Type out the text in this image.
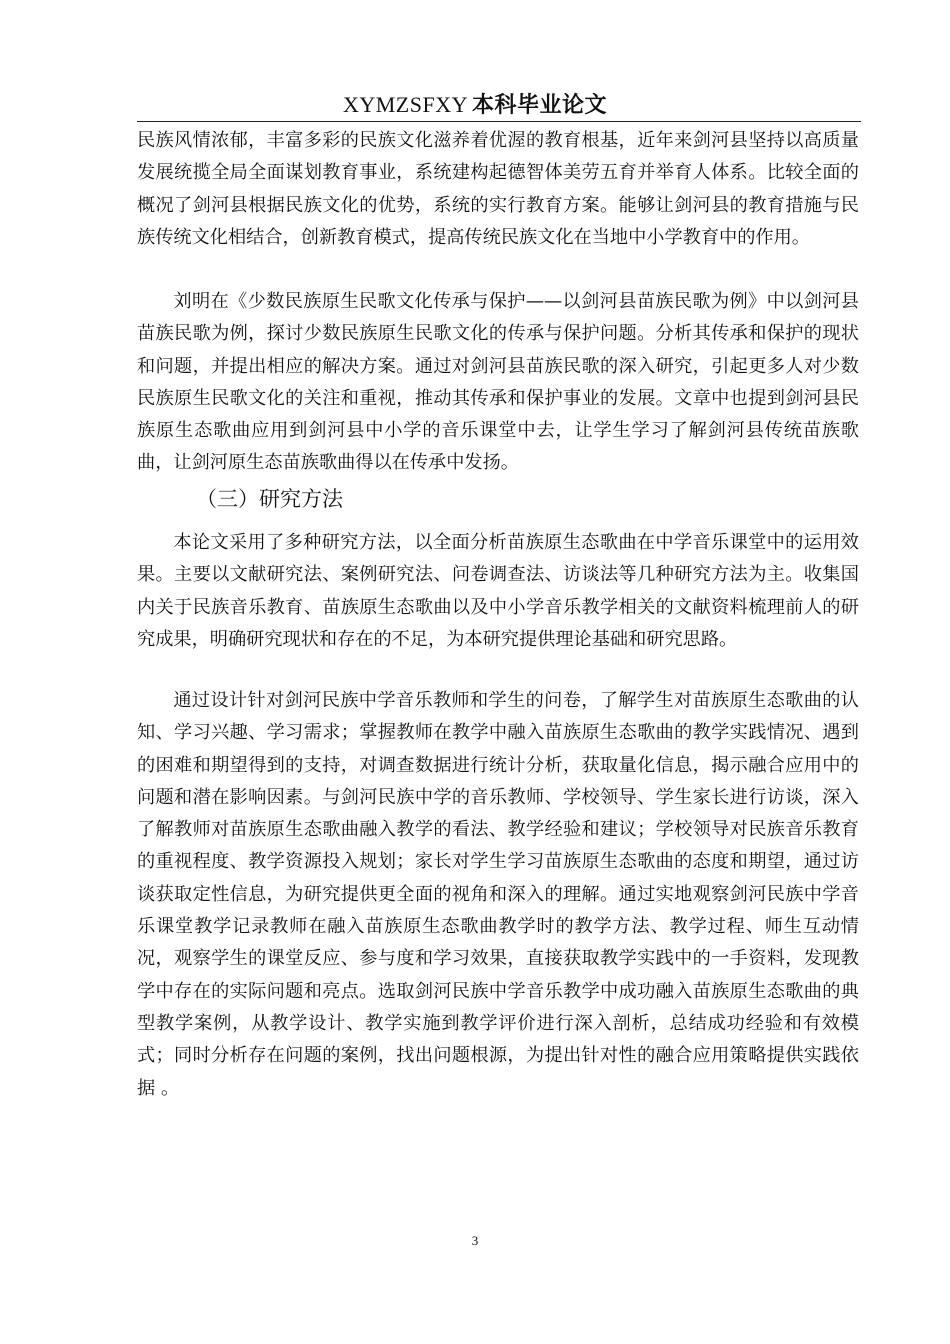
XYMZSFXY 本科毕业论文

民族风情浓郁，丰富多彩的民族文化滋养着优渥的教育根基，近年来剑河县坚持以高质量发展统揽全局全面谋划教育事业，系统建构起德智体美劳五育并举育人体系。比较全面的概况了剑河县根据民族文化的优势，系统的实行教育方案。能够让剑河县的教育措施与民族传统文化相结合，创新教育模式，提高传统民族文化在当地中小学教育中的作用。

刘明在《少数民族原生民歌文化传承与保护——以剑河县苗族民歌为例》中以剑河县苗族民歌为例，探讨少数民族原生民歌文化的传承与保护问题。分析其传承和保护的现状和问题，并提出相应的解决方案。通过对剑河县苗族民歌的深入研究，引起更多人对少数民族原生民歌文化的关注和重视，推动其传承和保护事业的发展。文章中也提到剑河县民族原生态歌曲应用到剑河县中小学的音乐课堂中去，让学生学习了解剑河县传统苗族歌曲，让剑河原生态苗族歌曲得以在传承中发扬。

（三）研究方法

本论文采用了多种研究方法，以全面分析苗族原生态歌曲在中学音乐课堂中的运用效果。主要以文献研究法、案例研究法、问卷调查法、访谈法等几种研究方法为主。收集国内关于民族音乐教育、苗族原生态歌曲以及中小学音乐教学相关的文献资料梳理前人的研究成果，明确研究现状和存在的不足，为本研究提供理论基础和研究思路。

通过设计针对剑河民族中学音乐教师和学生的问卷，了解学生对苗族原生态歌曲的认知、学习兴趣、学习需求；掌握教师在教学中融入苗族原生态歌曲的教学实践情况、遇到的困难和期望得到的支持，对调查数据进行统计分析，获取量化信息，揭示融合应用中的问题和潜在影响因素。与剑河民族中学的音乐教师、学校领导、学生家长进行访谈，深入了解教师对苗族原生态歌曲融入教学的看法、教学经验和建议；学校领导对民族音乐教育的重视程度、教学资源投入规划；家长对学生学习苗族原生态歌曲的态度和期望，通过访谈获取定性信息，为研究提供更全面的视角和深入的理解。通过实地观察剑河民族中学音乐课堂教学记录教师在融入苗族原生态歌曲教学时的教学方法、教学过程、师生互动情况，观察学生的课堂反应、参与度和学习效果，直接获取教学实践中的一手资料，发现教学中存在的实际问题和亮点。选取剑河民族中学音乐教学中成功融入苗族原生态歌曲的典型教学案例，从教学设计、教学实施到教学评价进行深入剖析，总结成功经验和有效模式；同时分析存在问题的案例，找出问题根源，为提出针对性的融合应用策略提供实践依据 。

3
